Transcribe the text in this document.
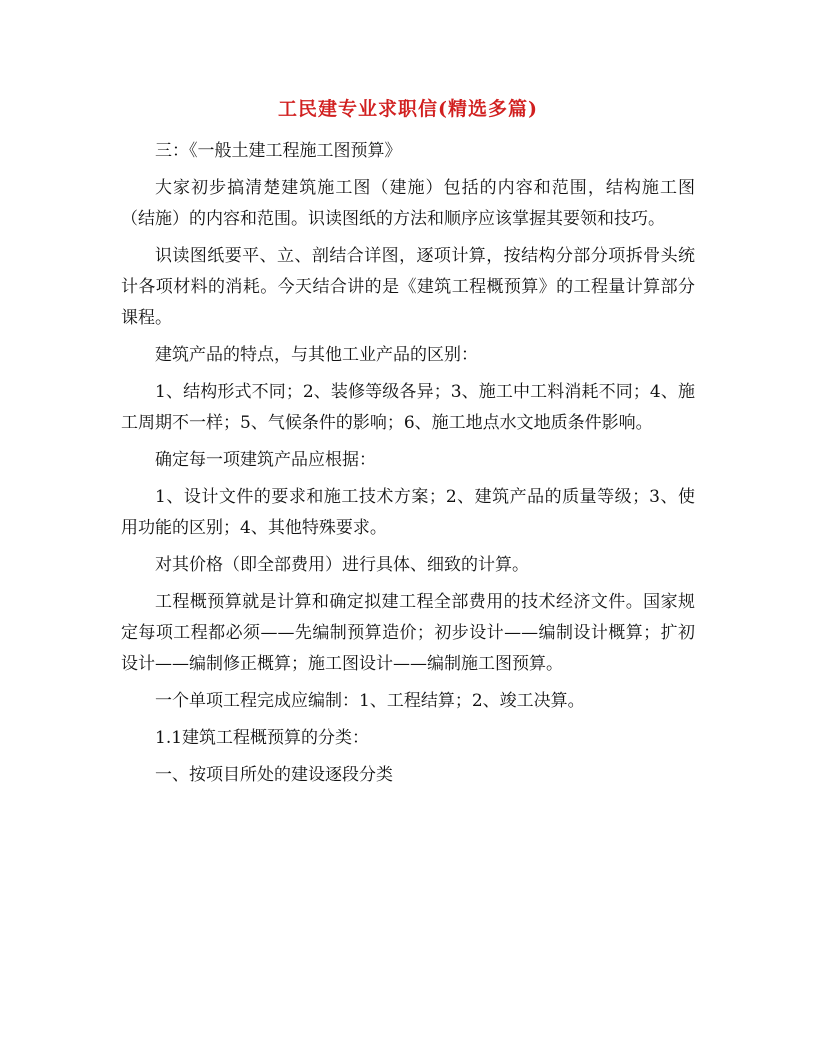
工民建专业求职信(精选多篇)

三：《一般土建工程施工图预算》

大家初步搞清楚建筑施工图（建施）包括的内容和范围，结构施工图（结施）的内容和范围。识读图纸的方法和顺序应该掌握其要领和技巧。

识读图纸要平、立、剖结合详图，逐项计算，按结构分部分项拆骨头统计各项材料的消耗。今天结合讲的是《建筑工程概预算》的工程量计算部分课程。

建筑产品的特点，与其他工业产品的区别：

1、结构形式不同；2、装修等级各异；3、施工中工料消耗不同；4、施工周期不一样；5、气候条件的影响；6、施工地点水文地质条件影响。

确定每一项建筑产品应根据：

1、设计文件的要求和施工技术方案；2、建筑产品的质量等级；3、使用功能的区别；4、其他特殊要求。

对其价格（即全部费用）进行具体、细致的计算。

工程概预算就是计算和确定拟建工程全部费用的技术经济文件。国家规定每项工程都必须——先编制预算造价；初步设计——编制设计概算；扩初设计——编制修正概算；施工图设计——编制施工图预算。

一个单项工程完成应编制：1、工程结算；2、竣工决算。

1.1建筑工程概预算的分类：

一、按项目所处的建设逐段分类
